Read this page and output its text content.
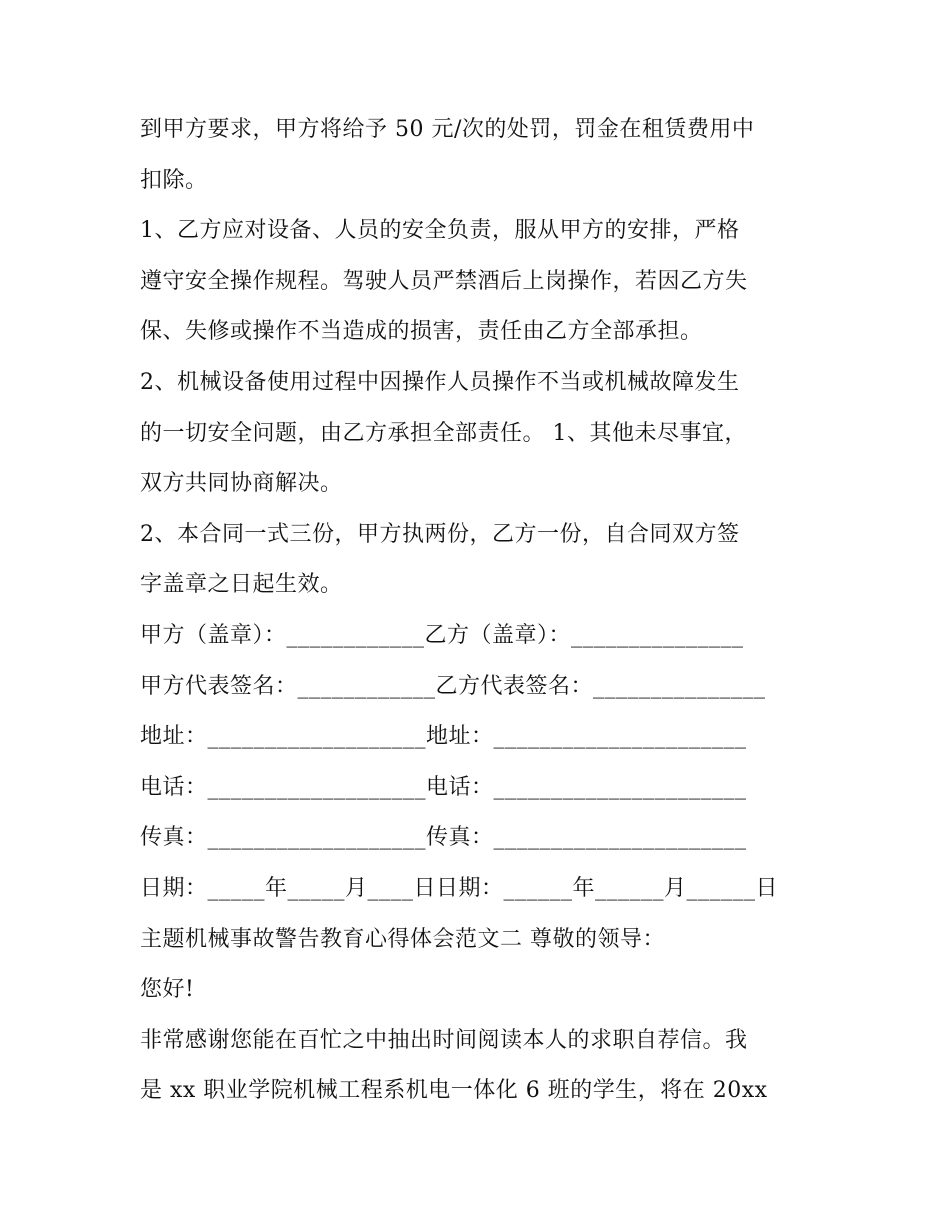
到甲方要求，甲方将给予 50 元/次的处罚，罚金在租赁费用中
扣除。
1、乙方应对设备、人员的安全负责，服从甲方的安排，严格
遵守安全操作规程。驾驶人员严禁酒后上岗操作，若因乙方失
保、失修或操作不当造成的损害，责任由乙方全部承担。
2、机械设备使用过程中因操作人员操作不当或机械故障发生
的一切安全问题，由乙方承担全部责任。 1、其他未尽事宜，
双方共同协商解决。
2、本合同一式三份，甲方执两份，乙方一份，自合同双方签
字盖章之日起生效。
甲方（盖章）：____________乙方（盖章）：_______________
甲方代表签名：____________乙方代表签名：_______________
地址：___________________地址：______________________
电话：___________________电话：______________________
传真：___________________传真：______________________
日期：_____年_____月____日日期：______年______月______日
主题机械事故警告教育心得体会范文二 尊敬的领导：
您好!
非常感谢您能在百忙之中抽出时间阅读本人的求职自荐信。我
是 xx 职业学院机械工程系机电一体化 6 班的学生，将在 20xx
